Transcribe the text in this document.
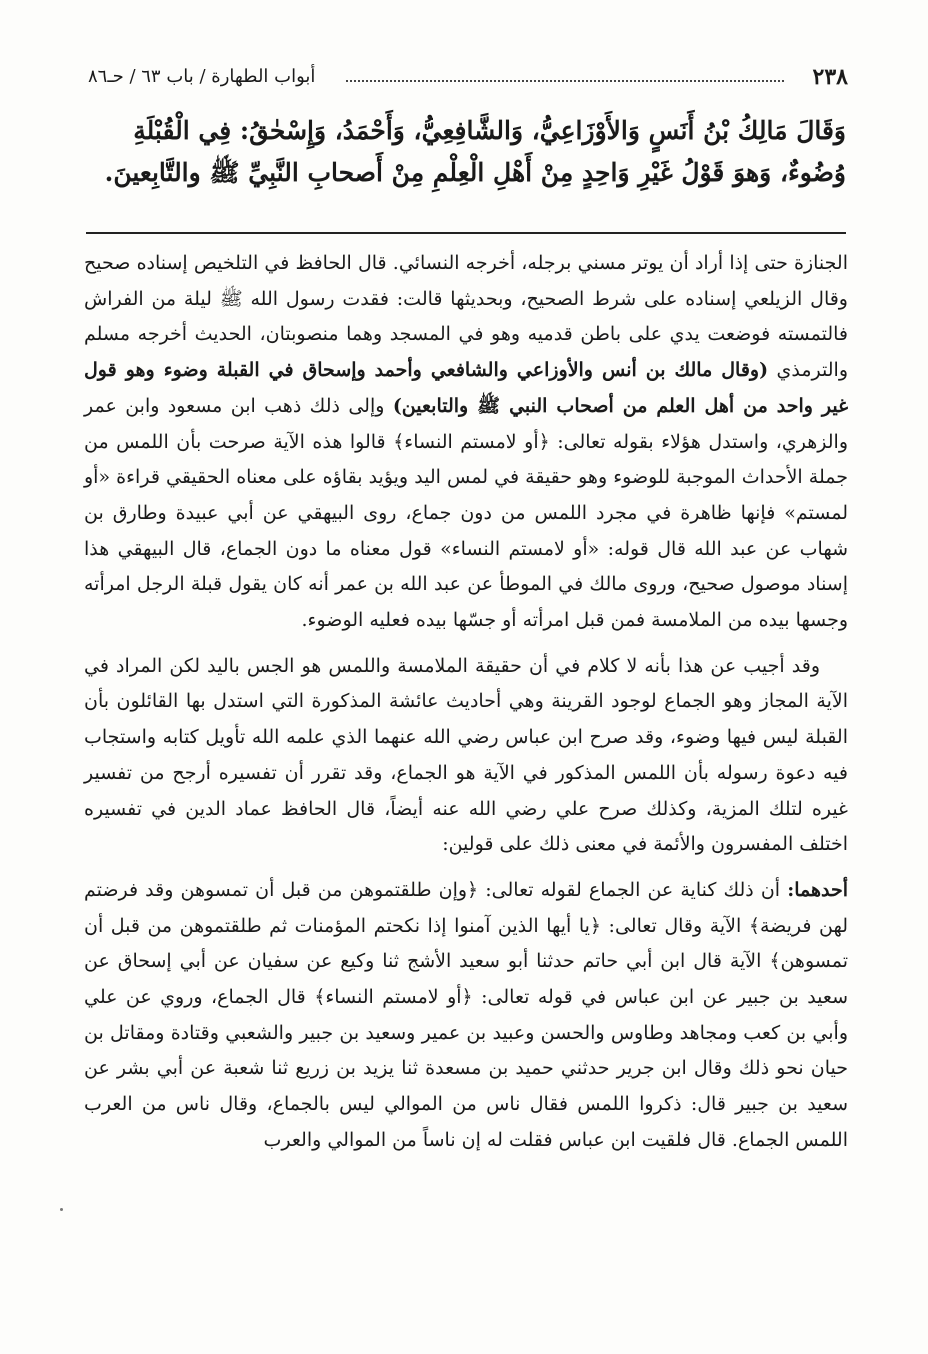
أبواب الطهارة / باب ٦٣ / حـ٨٦	٢٣٨

وَقَالَ مَالِكُ بْنُ أَنَسٍ وَالأَوْزَاعِيُّ، وَالشَّافِعِيُّ، وَأَحْمَدُ، وَإِسْحٰقُ: فِي الْقُبْلَةِ

وُضُوءٌ، وَهوَ قَوْلُ غَيْرِ وَاحِدٍ مِنْ أَهْلِ الْعِلْمِ مِنْ أَصحابِ النَّبِيِّ ﷺ والتَّابِعينَ.

الجنازة حتى إذا أراد أن يوتر مسني برجله، أخرجه النسائي. قال الحافظ في التلخيص إسناده صحيح وقال الزيلعي إسناده على شرط الصحيح، وبحديثها قالت: فقدت رسول الله ﷺ ليلة من الفراش فالتمسته فوضعت يدي على باطن قدميه وهو في المسجد وهما منصوبتان، الحديث أخرجه مسلم والترمذي (وقال مالك بن أنس والأوزاعي والشافعي وأحمد وإسحاق في القبلة وضوء وهو قول غير واحد من أهل العلم من أصحاب النبي ﷺ والتابعين) وإلى ذلك ذهب ابن مسعود وابن عمر والزهري، واستدل هؤلاء بقوله تعالى: ﴿أو لامستم النساء﴾ قالوا هذه الآية صرحت بأن اللمس من جملة الأحداث الموجبة للوضوء وهو حقيقة في لمس اليد ويؤيد بقاؤه على معناه الحقيقي قراءة «أو لمستم» فإنها ظاهرة في مجرد اللمس من دون جماع، روى البيهقي عن أبي عبيدة وطارق بن شهاب عن عبد الله قال قوله: «أو لامستم النساء» قول معناه ما دون الجماع، قال البيهقي هذا إسناد موصول صحيح، وروى مالك في الموطأ عن عبد الله بن عمر أنه كان يقول قبلة الرجل امرأته وجسها بيده من الملامسة فمن قبل امرأته أو جسّها بيده فعليه الوضوء.

وقد أجيب عن هذا بأنه لا كلام في أن حقيقة الملامسة واللمس هو الجس باليد لكن المراد في الآية المجاز وهو الجماع لوجود القرينة وهي أحاديث عائشة المذكورة التي استدل بها القائلون بأن القبلة ليس فيها وضوء، وقد صرح ابن عباس رضي الله عنهما الذي علمه الله تأويل كتابه واستجاب فيه دعوة رسوله بأن اللمس المذكور في الآية هو الجماع، وقد تقرر أن تفسيره أرجح من تفسير غيره لتلك المزية، وكذلك صرح علي رضي الله عنه أيضاً، قال الحافظ عماد الدين في تفسيره اختلف المفسرون والأئمة في معنى ذلك على قولين:

أحدهما: أن ذلك كناية عن الجماع لقوله تعالى: ﴿وإن طلقتموهن من قبل أن تمسوهن وقد فرضتم لهن فريضة﴾ الآية وقال تعالى: ﴿يا أيها الذين آمنوا إذا نكحتم المؤمنات ثم طلقتموهن من قبل أن تمسوهن﴾ الآية قال ابن أبي حاتم حدثنا أبو سعيد الأشج ثنا وكيع عن سفيان عن أبي إسحاق عن سعيد بن جبير عن ابن عباس في قوله تعالى: ﴿أو لامستم النساء﴾ قال الجماع، وروي عن علي وأبي بن كعب ومجاهد وطاوس والحسن وعبيد بن عمير وسعيد بن جبير والشعبي وقتادة ومقاتل بن حيان نحو ذلك وقال ابن جرير حدثني حميد بن مسعدة ثنا يزيد بن زريع ثنا شعبة عن أبي بشر عن سعيد بن جبير قال: ذكروا اللمس فقال ناس من الموالي ليس بالجماع، وقال ناس من العرب اللمس الجماع. قال فلقيت ابن عباس فقلت له إن ناساً من الموالي والعرب
